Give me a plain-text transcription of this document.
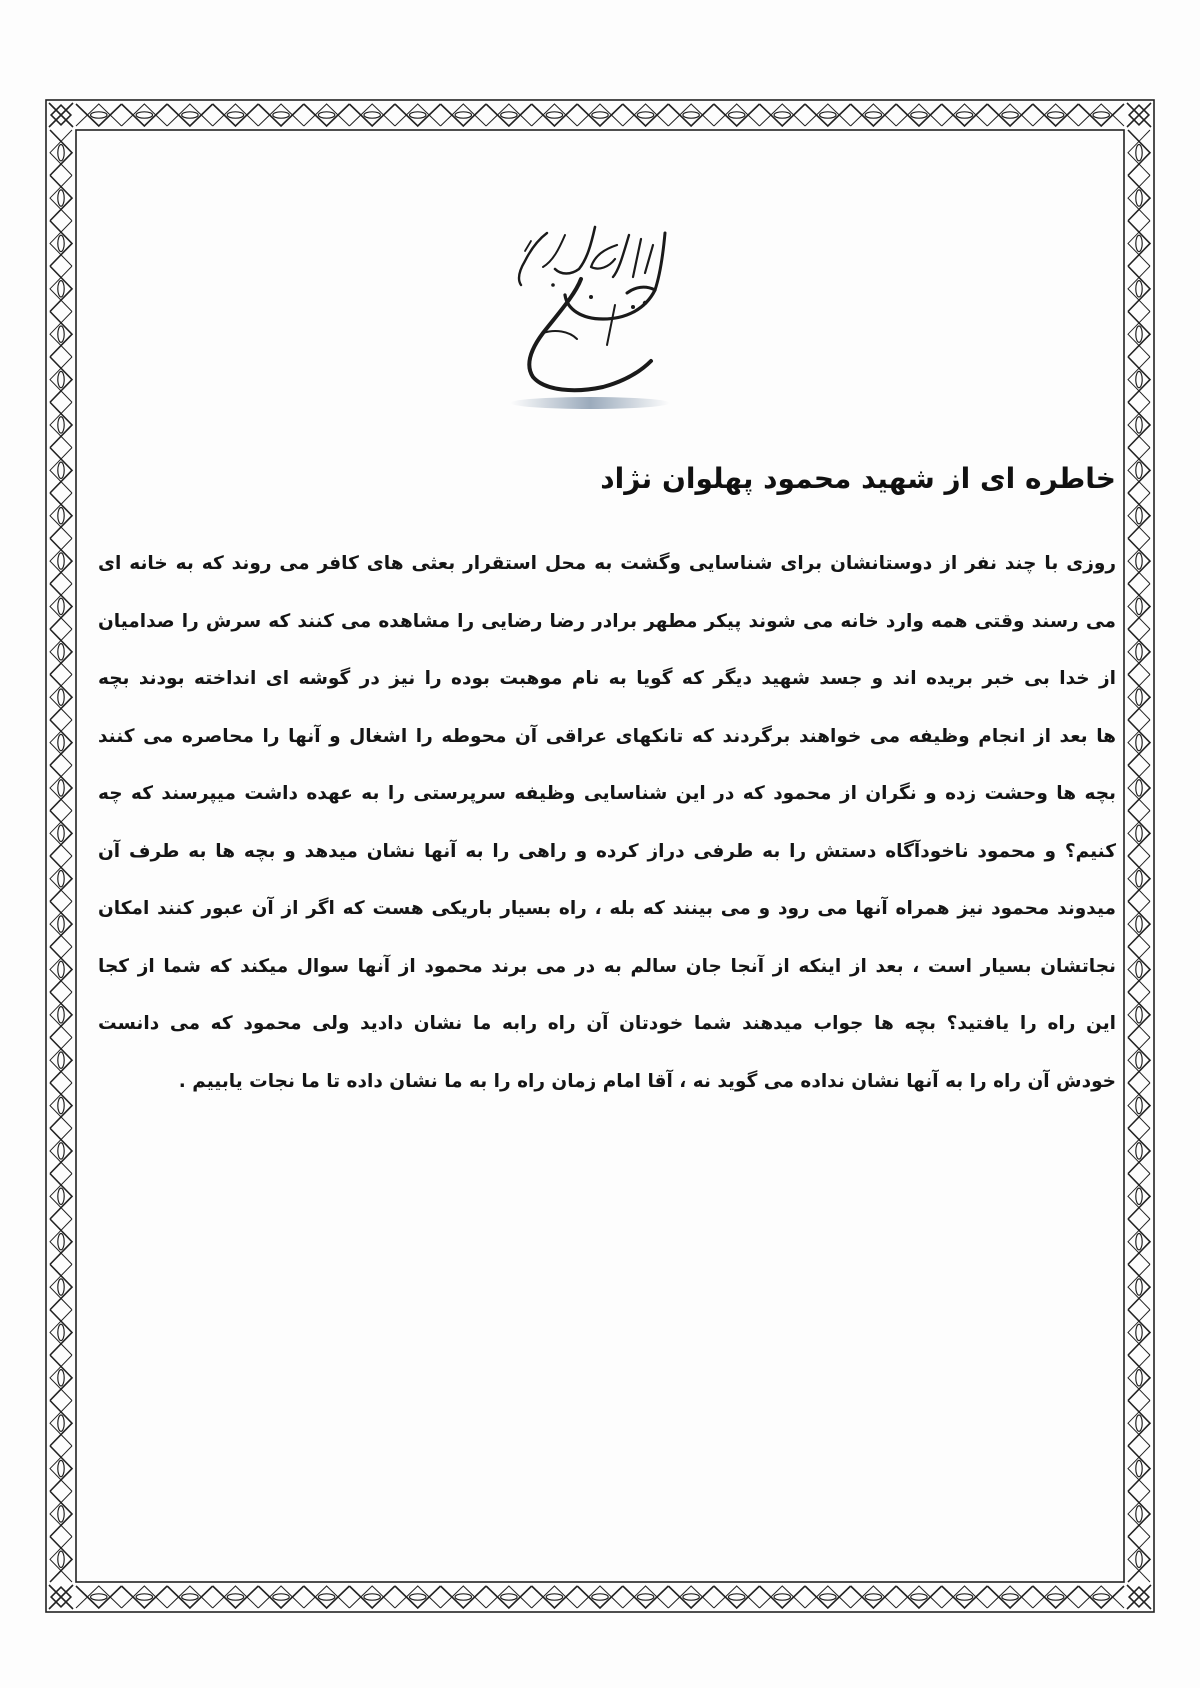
خاطره ای از شهید محمود پهلوان نژاد
روزی با چند نفر از دوستانشان برای شناسایی وگشت به محل استقرار بعثی های کافر می روند که به خانه ای
می رسند وقتی همه وارد خانه می شوند پیکر مطهر برادر رضا رضایی را مشاهده می کنند که سرش را صدامیان
از خدا بی خبر بریده اند و جسد شهید دیگر که گویا به نام موهبت بوده را نیز در گوشه ای انداخته بودند بچه
ها بعد از انجام وظیفه می خواهند برگردند که تانکهای عراقی آن محوطه را اشغال و آنها را محاصره می کنند
بچه ها وحشت زده و نگران از محمود که در این شناسایی وظیفه سرپرستی را به عهده داشت میپرسند که چه
کنیم؟ و محمود ناخودآگاه دستش را به طرفی دراز کرده و راهی را به آنها نشان میدهد و بچه ها به طرف آن
میدوند محمود نیز همراه آنها می رود و می بینند که بله ، راه بسیار باریکی هست که اگر از آن عبور کنند امکان
نجاتشان بسیار است ، بعد از اینکه از آنجا جان سالم به در می برند محمود از آنها سوال میکند که شما از کجا
این راه را یافتید؟ بچه ها جواب میدهند شما خودتان آن راه رابه ما نشان دادید ولی محمود که می دانست
خودش آن راه را به آنها نشان نداده می گوید نه ، آقا امام زمان راه را به ما نشان داده تا ما نجات یابییم .
